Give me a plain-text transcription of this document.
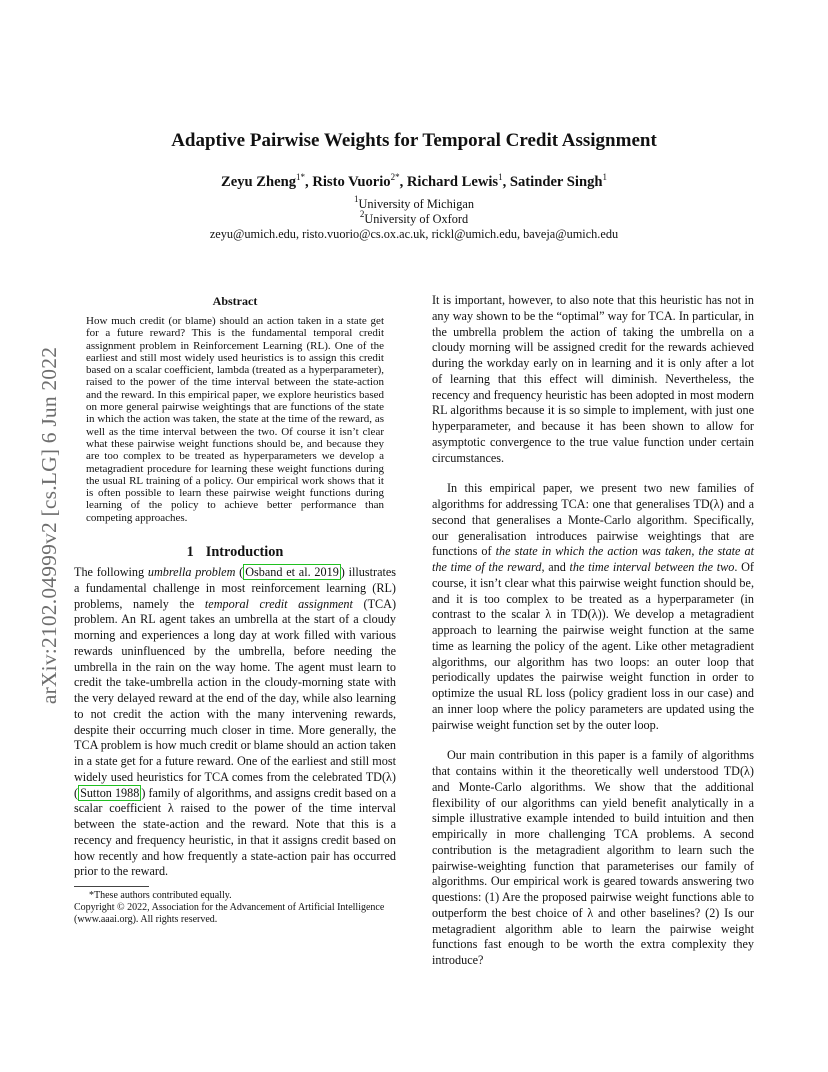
arXiv:2102.04999v2 [cs.LG] 6 Jun 2022
Adaptive Pairwise Weights for Temporal Credit Assignment
Zeyu Zheng$^{1*}$, Risto Vuorio$^{2*}$, Richard Lewis$^1$, Satinder Singh$^1$
$^1$University of Michigan
$^2$University of Oxford
zeyu@umich.edu, risto.vuorio@cs.ox.ac.uk, rickl@umich.edu, baveja@umich.edu
Abstract

How much credit (or blame) should an action taken in a state get for a future reward? This is the fundamental temporal credit assignment problem in Reinforcement Learning (RL). One of the earliest and still most widely used heuristics is to assign this credit based on a scalar coefficient, lambda (treated as a hyperparameter), raised to the power of the time interval between the state-action and the reward. In this empirical paper, we explore heuristics based on more general pairwise weightings that are functions of the state in which the action was taken, the state at the time of the reward, as well as the time interval between the two. Of course it isn’t clear what these pairwise weight functions should be, and because they are too complex to be treated as hyperparameters we develop a metagradient procedure for learning these weight functions during the usual RL training of a policy. Our empirical work shows that it is often possible to learn these pairwise weight functions during learning of the policy to achieve better performance than competing approaches.

1 Introduction

The following umbrella problem ( Osband et al. 2019 ) illustrates a fundamental challenge in most reinforcement learning (RL) problems, namely the temporal credit assignment (TCA) problem. An RL agent takes an umbrella at the start of a cloudy morning and experiences a long day at work filled with various rewards uninfluenced by the umbrella, before needing the umbrella in the rain on the way home. The agent must learn to credit the take-umbrella action in the cloudy-morning state with the very delayed reward at the end of the day, while also learning to not credit the action with the many intervening rewards, despite their occurring much closer in time. More generally, the TCA problem is how much credit or blame should an action taken in a state get for a future reward. One of the earliest and still most widely used heuristics for TCA comes from the celebrated TD(λ) ( Sutton 1988 ) family of algorithms, and assigns credit based on a scalar coefficient λ raised to the power of the time interval between the state-action and the reward. Note that this is a recency and frequency heuristic, in that it assigns credit based on how recently and how frequently a state-action pair has occurred prior to the reward.

*These authors contributed equally.
Copyright © 2022, Association for the Advancement of Artificial Intelligence (www.aaai.org). All rights reserved.

It is important, however, to also note that this heuristic has not in any way shown to be the “optimal” way for TCA. In particular, in the umbrella problem the action of taking the umbrella on a cloudy morning will be assigned credit for the rewards achieved during the workday early on in learning and it is only after a lot of learning that this effect will diminish. Nevertheless, the recency and frequency heuristic has been adopted in most modern RL algorithms because it is so simple to implement, with just one hyperparameter, and because it has been shown to allow for asymptotic convergence to the true value function under certain circumstances.

In this empirical paper, we present two new families of algorithms for addressing TCA: one that generalises TD(λ) and a second that generalises a Monte-Carlo algorithm. Specifically, our generalisation introduces pairwise weightings that are functions of the state in which the action was taken, the state at the time of the reward, and the time interval between the two. Of course, it isn’t clear what this pairwise weight function should be, and it is too complex to be treated as a hyperparameter (in contrast to the scalar λ in TD(λ)). We develop a metagradient approach to learning the pairwise weight function at the same time as learning the policy of the agent. Like other metagradient algorithms, our algorithm has two loops: an outer loop that periodically updates the pairwise weight function in order to optimize the usual RL loss (policy gradient loss in our case) and an inner loop where the policy parameters are updated using the pairwise weight function set by the outer loop.

Our main contribution in this paper is a family of algorithms that contains within it the theoretically well understood TD(λ) and Monte-Carlo algorithms. We show that the additional flexibility of our algorithms can yield benefit analytically in a simple illustrative example intended to build intuition and then empirically in more challenging TCA problems. A second contribution is the metagradient algorithm to learn such the pairwise-weighting function that parameterises our family of algorithms. Our empirical work is geared towards answering two questions: (1) Are the proposed pairwise weight functions able to outperform the best choice of λ and other baselines? (2) Is our metagradient algorithm able to learn the pairwise weight functions fast enough to be worth the extra complexity they introduce?
